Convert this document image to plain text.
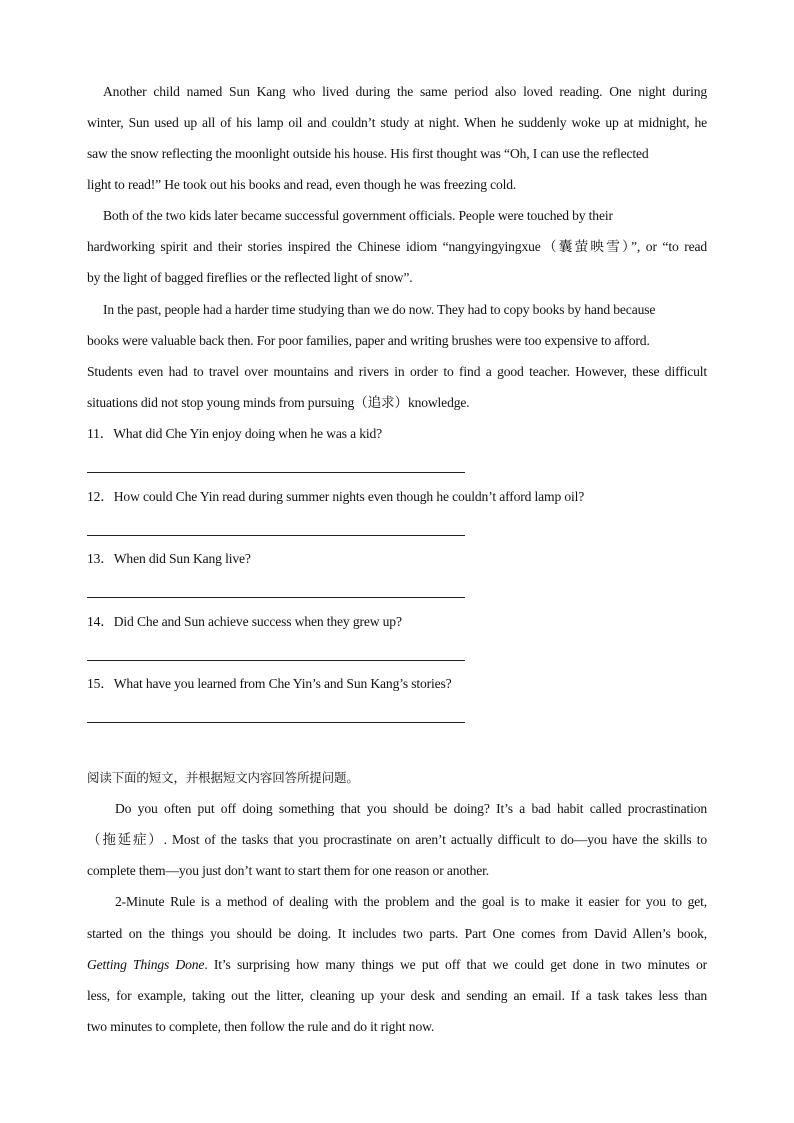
Another child named Sun Kang who lived during the same period also loved reading. One night during
winter, Sun used up all of his lamp oil and couldn’t study at night. When he suddenly woke up at midnight, he
saw the snow reflecting the moonlight outside his house. His first thought was “Oh, I can use the reflected
light to read!” He took out his books and read, even though he was freezing cold.
Both of the two kids later became successful government officials. People were touched by their
hardworking spirit and their stories inspired the Chinese idiom “nangyingyingxue（囊萤映雪）”, or “to read
by the light of bagged fireflies or the reflected light of snow”.
In the past, people had a harder time studying than we do now. They had to copy books by hand because
books were valuable back then. For poor families, paper and writing brushes were too expensive to afford.
Students even had to travel over mountains and rivers in order to find a good teacher. However, these difficult
situations did not stop young minds from pursuing（追求）knowledge.
11．What did Che Yin enjoy doing when he was a kid?
12．How could Che Yin read during summer nights even though he couldn’t afford lamp oil?
13．When did Sun Kang live?
14．Did Che and Sun achieve success when they grew up?
15．What have you learned from Che Yin’s and Sun Kang’s stories?
阅读下面的短文，并根据短文内容回答所提问题。
Do you often put off doing something that you should be doing? It’s a bad habit called procrastination
（拖延症）. Most of the tasks that you procrastinate on aren’t actually difficult to do—you have the skills to
complete them—you just don’t want to start them for one reason or another.
2-Minute Rule is a method of dealing with the problem and the goal is to make it easier for you to get,
started on the things you should be doing. It includes two parts. Part One comes from David Allen’s book,
Getting Things Done. It’s surprising how many things we put off that we could get done in two minutes or
less, for example, taking out the litter, cleaning up your desk and sending an email. If a task takes less than
two minutes to complete, then follow the rule and do it right now.
